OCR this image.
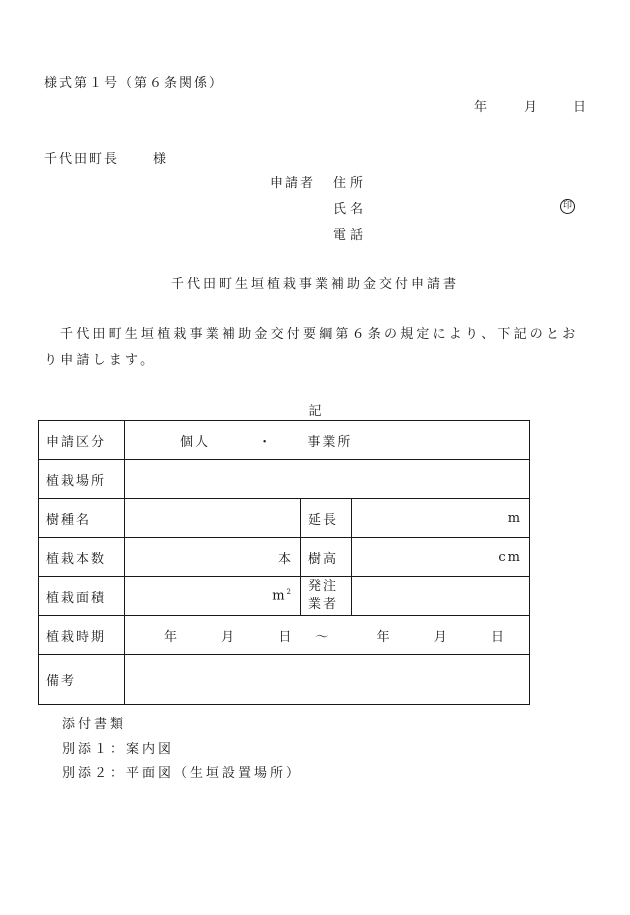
様式第１号（第６条関係）
年	月	日
千代田町長	様
申請者 住所
氏名	印
電話
千代田町生垣植栽事業補助金交付申請書
千代田町生垣植栽事業補助金交付要綱第６条の規定により、下記のとおり申請します。
記
申請区分	個人 ・ 事業所		
植栽場所			
樹種名		延長	m
植栽本数	本	樹高	cm
植栽面積	$m^2$	発注
業者	

植栽時期	年 月 日 ～ 年 月 日		
備考			
添付書類
別添１：案内図
別添２：平面図（生垣設置場所）
